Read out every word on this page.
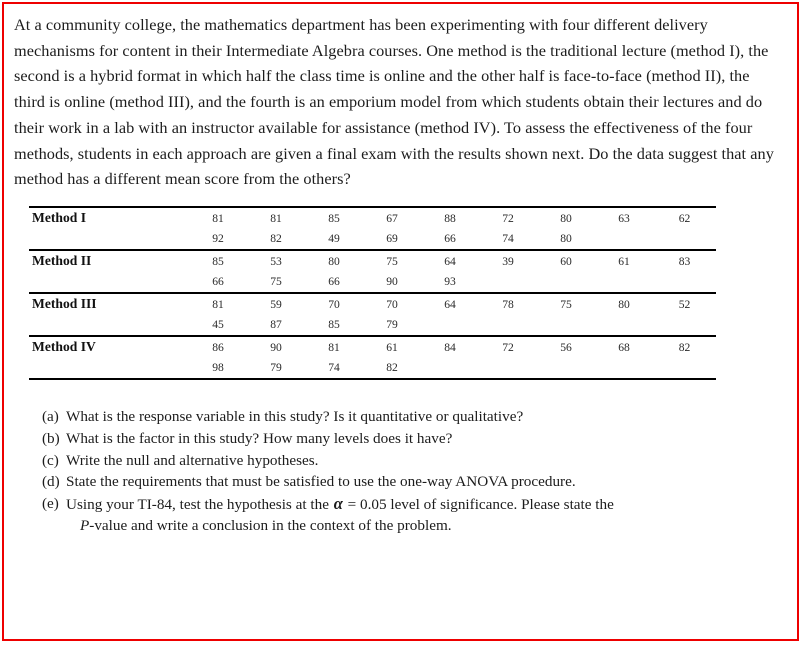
At a community college, the mathematics department has been experimenting with four different delivery mechanisms for content in their Intermediate Algebra courses. One method is the traditional lecture (method I), the second is a hybrid format in which half the class time is online and the other half is face-to-face (method II), the third is online (method III), and the fourth is an emporium model from which students obtain their lectures and do their work in a lab with an instructor available for assistance (method IV). To assess the effectiveness of the four methods, students in each approach are given a final exam with the results shown next. Do the data suggest that any method has a different mean score from the others?

Method I	81	81	85	67	88	72	80	63	62
	92	82	49	69	66	74	80		
Method II	85	53	80	75	64	39	60	61	83
	66	75	66	90	93				
Method III	81	59	70	70	64	78	75	80	52
	45	87	85	79					
Method IV	86	90	81	61	84	72	56	68	82
	98	79	74	82					
(a) What is the response variable in this study? Is it quantitative or qualitative?
(b) What is the factor in this study? How many levels does it have?
(c) Write the null and alternative hypotheses.
(d) State the requirements that must be satisfied to use the one-way ANOVA procedure.
(e) Using your TI-84, test the hypothesis at the α = 0.05 level of significance. Please state the
P-value and write a conclusion in the context of the problem.
